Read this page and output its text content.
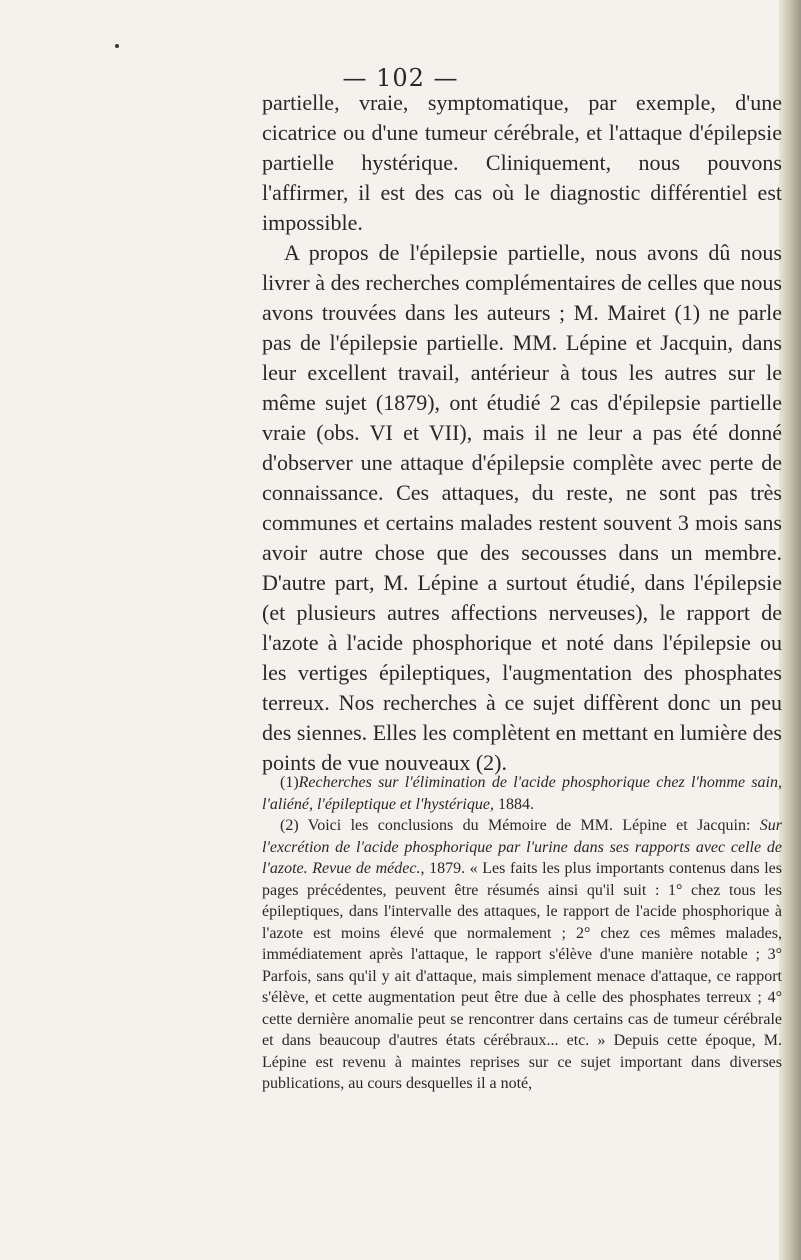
— 102 —

partielle, vraie, symptomatique, par exemple, d'une cicatrice ou d'une tumeur cérébrale, et l'attaque d'épilepsie partielle hystérique. Cliniquement, nous pouvons l'affirmer, il est des cas où le diagnostic différentiel est impossible.

A propos de l'épilepsie partielle, nous avons dû nous livrer à des recherches complémentaires de celles que nous avons trouvées dans les auteurs ; M. Mairet (1) ne parle pas de l'épilepsie partielle. MM. Lépine et Jacquin, dans leur excellent travail, antérieur à tous les autres sur le même sujet (1879), ont étudié 2 cas d'épilepsie partielle vraie (obs. VI et VII), mais il ne leur a pas été donné d'observer une attaque d'épilepsie complète avec perte de connaissance. Ces attaques, du reste, ne sont pas très communes et certains malades restent souvent 3 mois sans avoir autre chose que des secousses dans un membre. D'autre part, M. Lépine a surtout étudié, dans l'épilepsie (et plusieurs autres affections nerveuses), le rapport de l'azote à l'acide phosphorique et noté dans l'épilepsie ou les vertiges épileptiques, l'augmentation des phosphates terreux. Nos recherches à ce sujet diffèrent donc un peu des siennes. Elles les complètent en mettant en lumière des points de vue nouveaux (2).

(1)Recherches sur l'élimination de l'acide phosphorique chez l'homme sain, l'aliéné, l'épileptique et l'hystérique, 1884.

(2) Voici les conclusions du Mémoire de MM. Lépine et Jacquin: Sur l'excrétion de l'acide phosphorique par l'urine dans ses rapports avec celle de l'azote. Revue de médec., 1879. « Les faits les plus importants contenus dans les pages précédentes, peuvent être résumés ainsi qu'il suit : 1° chez tous les épileptiques, dans l'intervalle des attaques, le rapport de l'acide phosphorique à l'azote est moins élevé que normalement ; 2° chez ces mêmes malades, immédiatement après l'attaque, le rapport s'élève d'une manière notable ; 3° Parfois, sans qu'il y ait d'attaque, mais simplement menace d'attaque, ce rapport s'élève, et cette augmentation peut être due à celle des phosphates terreux ; 4° cette dernière anomalie peut se rencontrer dans certains cas de tumeur cérébrale et dans beaucoup d'autres états cérébraux... etc. » Depuis cette époque, M. Lépine est revenu à maintes reprises sur ce sujet important dans diverses publications, au cours desquelles il a noté,
